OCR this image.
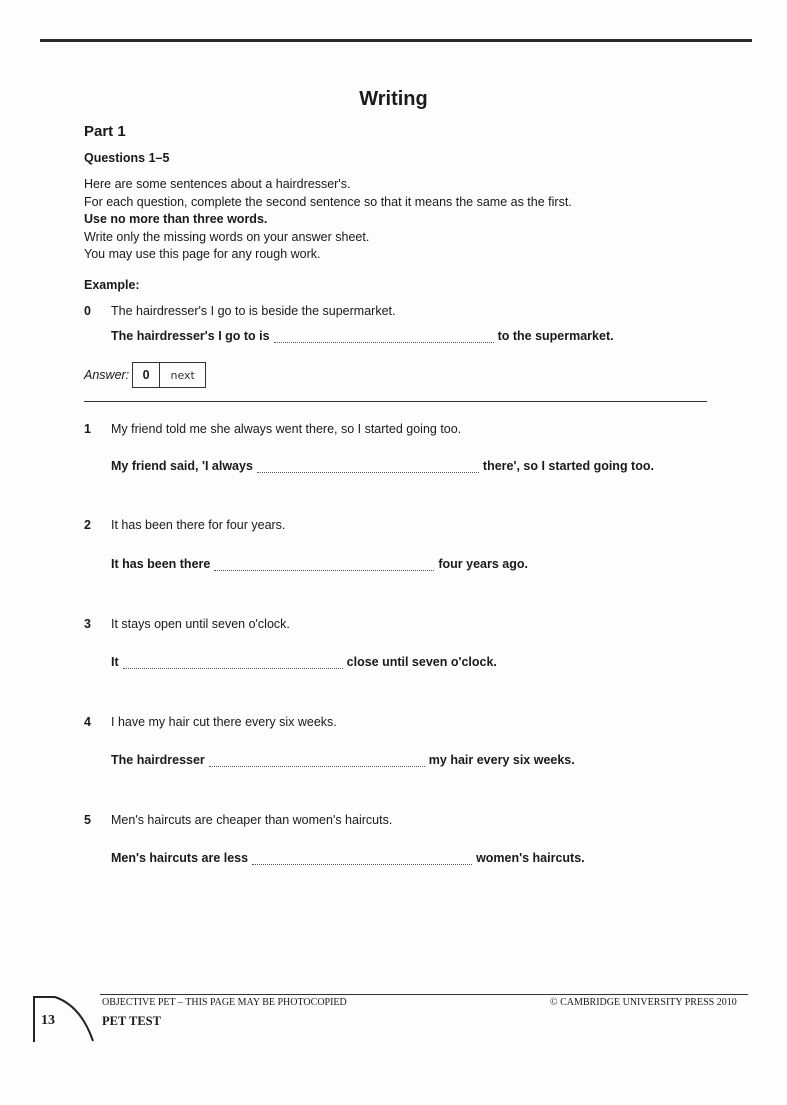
Writing
Part 1
Questions 1–5
Here are some sentences about a hairdresser's.
For each question, complete the second sentence so that it means the same as the first.
Use no more than three words.
Write only the missing words on your answer sheet.
You may use this page for any rough work.
Example:
0 The hairdresser's I go to is beside the supermarket.
The hairdresser's I go to is	to the supermarket.
Answer:	0	next
1 My friend told me she always went there, so I started going too.
My friend said, 'I always	there', so I started going too.
2 It has been there for four years.
It has been there	four years ago.
3 It stays open until seven o'clock.
It	close until seven o'clock.
4 I have my hair cut there every six weeks.
The hairdresser	my hair every six weeks.
5 Men's haircuts are cheaper than women's haircuts.
Men's haircuts are less	women's haircuts.
OBJECTIVE PET – THIS PAGE MAY BE PHOTOCOPIED	© CAMBRIDGE UNIVERSITY PRESS 2010
PET TEST
13
